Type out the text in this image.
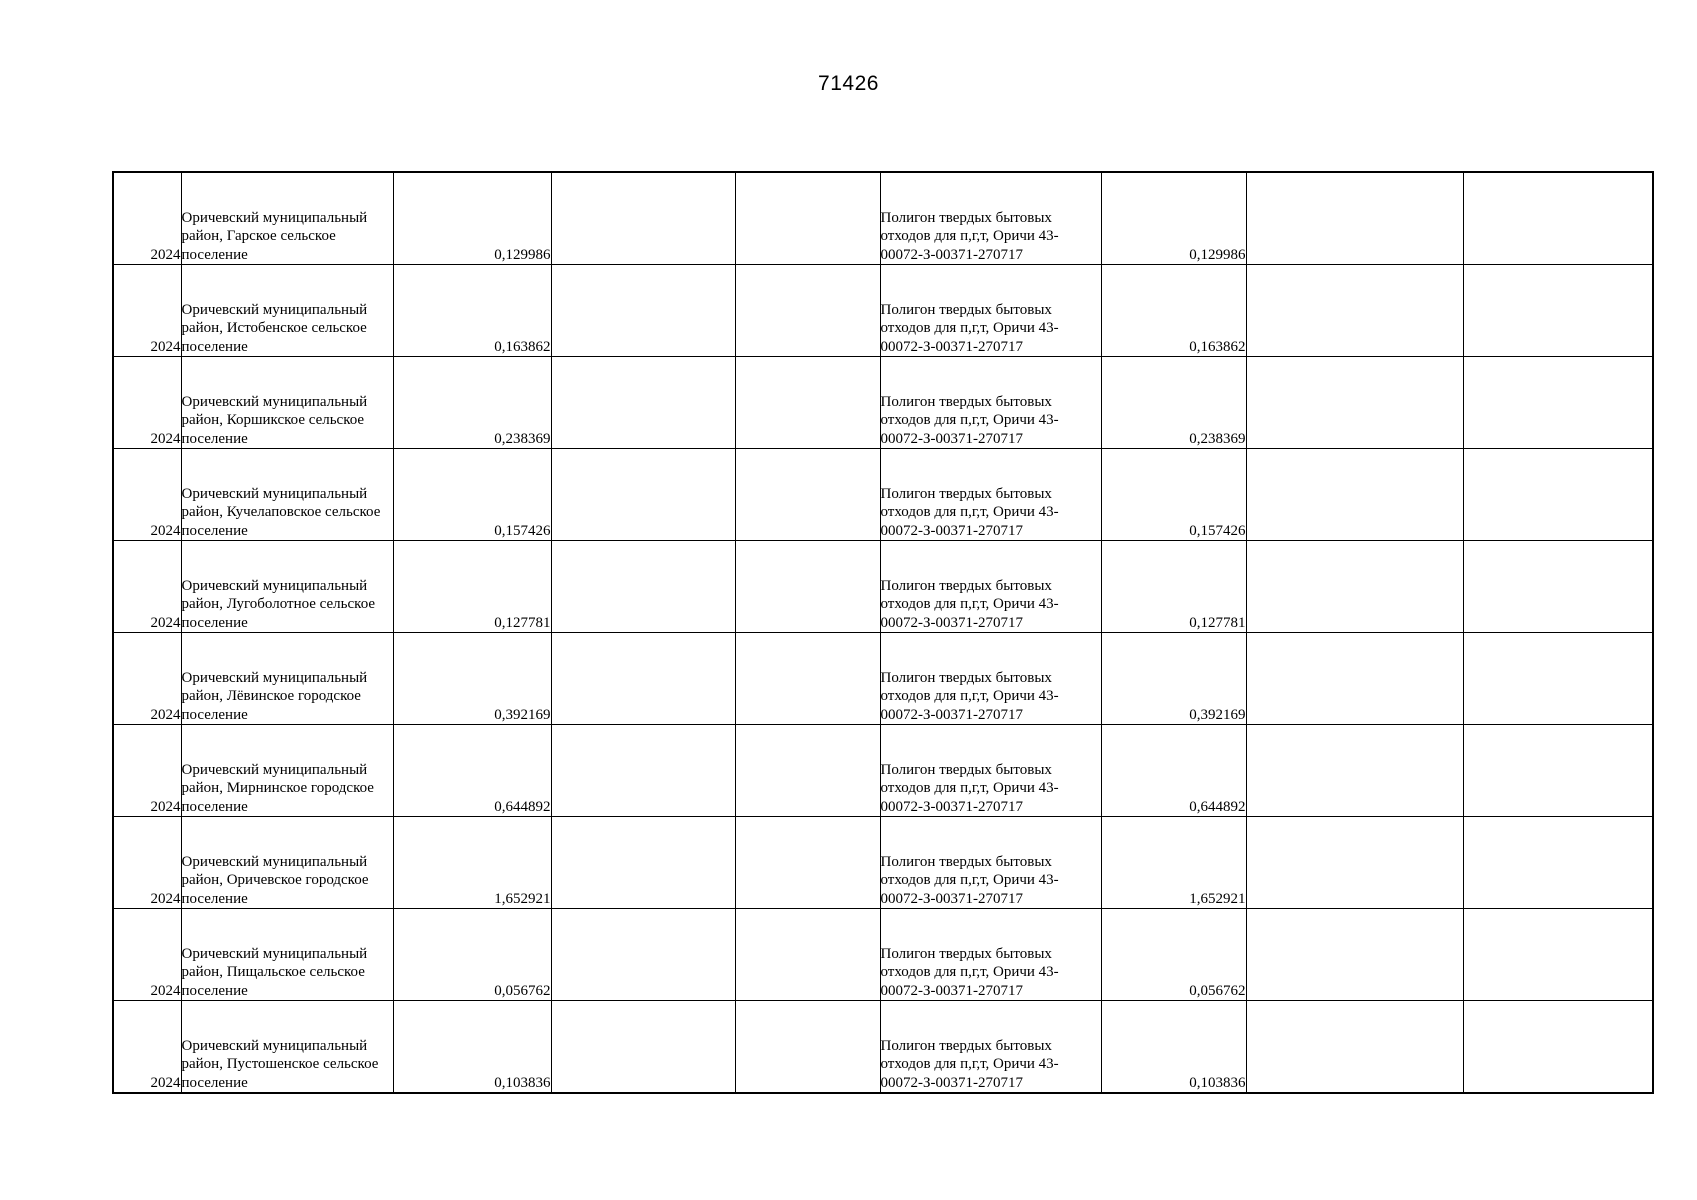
71426
2024	Оричевский муниципальный район, Гарское сельское поселение	0,129986			Полигон твердых бытовых отходов для п,г,т, Оричи 43-00072-З-00371-270717	0,129986		
2024	Оричевский муниципальный район, Истобенское сельское поселение	0,163862			Полигон твердых бытовых отходов для п,г,т, Оричи 43-00072-З-00371-270717	0,163862		
2024	Оричевский муниципальный район, Коршикское сельское поселение	0,238369			Полигон твердых бытовых отходов для п,г,т, Оричи 43-00072-З-00371-270717	0,238369		
2024	Оричевский муниципальный район, Кучелаповское сельское поселение	0,157426			Полигон твердых бытовых отходов для п,г,т, Оричи 43-00072-З-00371-270717	0,157426		
2024	Оричевский муниципальный район, Лугоболотное сельское поселение	0,127781			Полигон твердых бытовых отходов для п,г,т, Оричи 43-00072-З-00371-270717	0,127781		
2024	Оричевский муниципальный район, Лёвинское городское поселение	0,392169			Полигон твердых бытовых отходов для п,г,т, Оричи 43-00072-З-00371-270717	0,392169		
2024	Оричевский муниципальный район, Мирнинское городское поселение	0,644892			Полигон твердых бытовых отходов для п,г,т, Оричи 43-00072-З-00371-270717	0,644892		
2024	Оричевский муниципальный район, Оричевское городское поселение	1,652921			Полигон твердых бытовых отходов для п,г,т, Оричи 43-00072-З-00371-270717	1,652921		
2024	Оричевский муниципальный район, Пищальское сельское поселение	0,056762			Полигон твердых бытовых отходов для п,г,т, Оричи 43-00072-З-00371-270717	0,056762		
2024	Оричевский муниципальный район, Пустошенское сельское поселение	0,103836			Полигон твердых бытовых отходов для п,г,т, Оричи 43-00072-З-00371-270717	0,103836		
